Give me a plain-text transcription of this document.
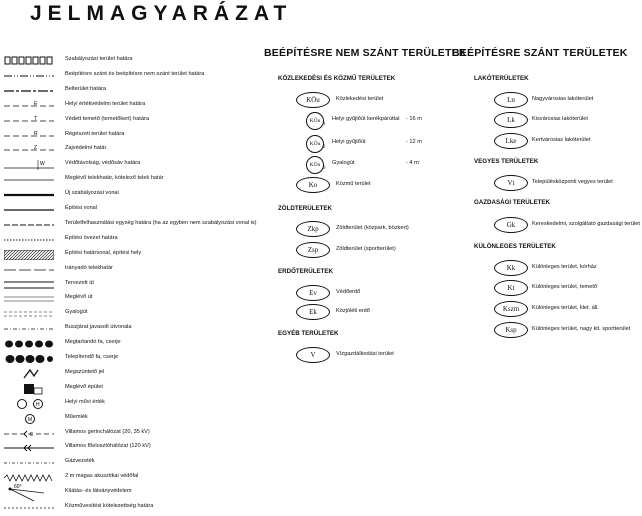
JELMAGYARÁZAT
Szabályozási terület határa
Beépítésre szánt és beépítésre nem szánt terület határa
Belterület határa
E	Helyi értékvédelmi terület határa
T	Védett temető (temetőkert) határa
R	Régészeti terület határa
Z	Zajvédelmi határ
W	Védőtávolság, védősáv határa
Meglévő telekhatár, kötelező telek határ
Új szabályozási vonal
Építési vonal
Területfelhasználási egység határa (ha az egyben nem szabályozási vonal is)
Építési övezet határa
Építési határvonal, építési hely
Irányadó telekhatár
Tervezett út
Meglévő út
Gyalogút
Buszjárat javasolt útvonala
Megtartandó fa, cserje
Telepítendő fa, cserje
Megszüntető jel
Meglévő épület
H	Helyi művi érték
M	Műemlék
E	Villamos gerinchálózat (20, 35 kV)
Villamos főelosztóhálózat (120 kV)
Gázvezeték
2 m magas akusztikai védőfal
60°
Kilátás- és látványvédelem
Közművesítési kötelezettség határa
BEÉPÍTÉSRE NEM SZÁNT TERÜLETEK
KÖZLEKEDÉSI ÉS KÖZMŰ TERÜLETEK
KÖu	Közlekedési terület
KÖu
1
Helyi gyűjtőút kerékpárúttal - 16 m
KÖu
2
Helyi gyűjtőút	- 12 m
KÖu
3
Gyalogút	- 4 m
Ko	Közmű terület
ZÖLDTERÜLETEK
Zkp	Zöldterület (közpark, bözkert)
Zsp	Zöldterület (sportterület)
ERDŐTERÜLETEK
Ev	Védőerdő
Ek	Közjóléti erdő
EGYÉB TERÜLETEK
V	Vízgazdálkodási terület
BEÉPÍTÉSRE SZÁNT TERÜLETEK
LAKÓTERÜLETEK
Ln	Nagyvárosias lakóterület
Lk	Kisvárosias lakóterület
Lke	Kertvárosias lakóterület
VEGYES TERÜLETEK
Vt	Településközponti vegyes terület
GAZDASÁGI TERÜLETEK
Gk	Kereskedelmi, szolgáltató gazdasági terület
KÜLÖNLEGES TERÜLETEK
Kk	Különleges terület, kórház
Kt	Különleges terület, temető
Kszm	Különleges terület, klet. áll.
Ksp	Különleges terület, nagy kit. sportterület
